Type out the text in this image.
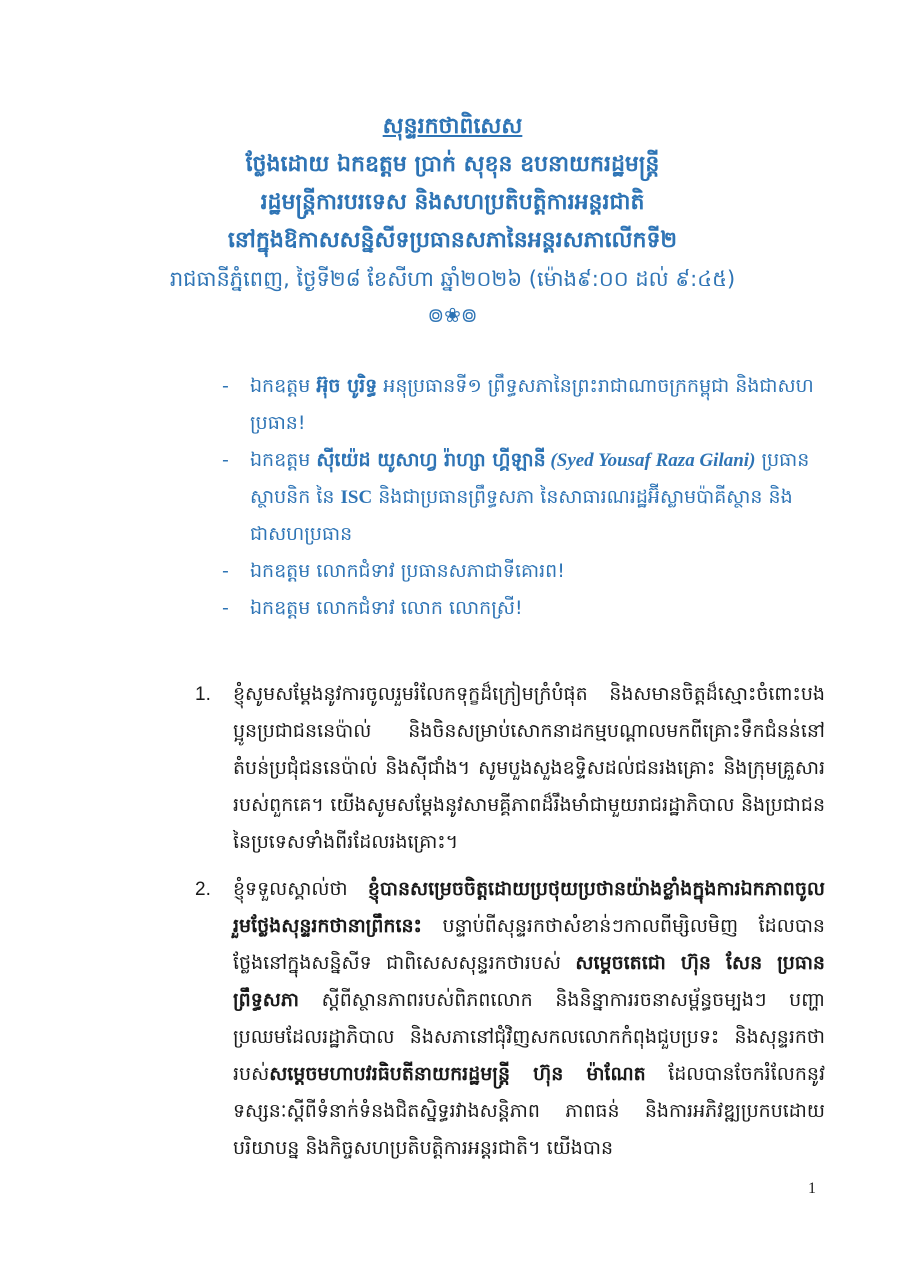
សុន្ទរកថាពិសេស
ថ្លែងដោយ ឯកឧត្តម ប្រាក់ សុខុន ឧបនាយករដ្ឋមន្ត្រី
រដ្ឋមន្ត្រីការបរទេស និងសហប្រតិបត្តិការអន្តរជាតិ
នៅក្នុងឱកាសសន្និសីទប្រធានសភានៃអន្តរសភាលើកទី២
រាជធានីភ្នំពេញ, ថ្ងៃទី២៨ ខែសីហា ឆ្នាំ២០២៦ (ម៉ោង៩:០០ ដល់ ៩:៤៥)
៙❀៙
- ឯកឧត្តម អ៊ុច បូរិទ្ធ អនុប្រធានទី១ ព្រឹទ្ធសភានៃព្រះរាជាណាចក្រកម្ពុជា និងជាសហប្រធាន!
- ឯកឧត្តម ស៊ីយ៉េដ យូសាហ្វ រ៉ាហ្សា ហ្គីឡានី (Syed Yousaf Raza Gilani) ប្រធានស្ថាបនិក នៃ ISC និងជាប្រធានព្រឹទ្ធសភា នៃសាធារណរដ្ឋអ៊ីស្លាមប៉ាគីស្ថាន និងជាសហប្រធាន
- ឯកឧត្តម លោកជំទាវ ប្រធានសភាជាទីគោរព!
- ឯកឧត្តម លោកជំទាវ លោក លោកស្រី!
1. ខ្ញុំសូមសម្តែងនូវការចូលរួមរំលែកទុក្ខដ៏ក្រៀមក្រំបំផុត និងសមានចិត្តដ៏ស្មោះចំពោះបងប្អូនប្រជាជននេប៉ាល់ និងចិនសម្រាប់សោកនាដកម្មបណ្តាលមកពីគ្រោះទឹកជំនន់នៅតំបន់ប្រជុំជននេប៉ាល់ និងស៊ីជាំង។ សូមបួងសួងឧទ្ទិសដល់ជនរងគ្រោះ និងក្រុមគ្រួសាររបស់ពួកគេ។ យើងសូមសម្តែងនូវសាមគ្គីភាពដ៏រឹងមាំជាមួយរាជរដ្ឋាភិបាល និងប្រជាជននៃប្រទេសទាំងពីរដែលរងគ្រោះ។
2. ខ្ញុំទទួលស្គាល់ថា ខ្ញុំបានសម្រេចចិត្តដោយប្រថុយប្រថានយ៉ាងខ្លាំងក្នុងការឯកភាពចូលរួមថ្លែងសុន្ទរកថានាព្រឹកនេះ បន្ទាប់ពីសុន្ទរកថាសំខាន់ៗកាលពីម្សិលមិញ ដែលបានថ្លែងនៅក្នុងសន្និសីទ ជាពិសេសសុន្ទរកថារបស់ សម្តេចតេជោ ហ៊ុន សែន ប្រធានព្រឹទ្ធសភា ស្តីពីស្ថានភាពរបស់ពិភពលោក និងនិន្នាការរចនាសម្ព័ន្ធចម្បងៗ បញ្ហាប្រឈមដែលរដ្ឋាភិបាល និងសភានៅជុំវិញសកលលោកកំពុងជួបប្រទះ និងសុន្ទរកថារបស់សម្តេចមហាបវរធិបតីនាយករដ្ឋមន្ត្រី ហ៊ុន ម៉ាណែត ដែលបានចែករំលែកនូវទស្សនៈស្តីពីទំនាក់ទំនងជិតស្និទ្ធរវាងសន្តិភាព ភាពធន់ និងការអភិវឌ្ឍប្រកបដោយបរិយាបន្ន និងកិច្ចសហប្រតិបត្តិការអន្តរជាតិ។ យើងបាន
1
